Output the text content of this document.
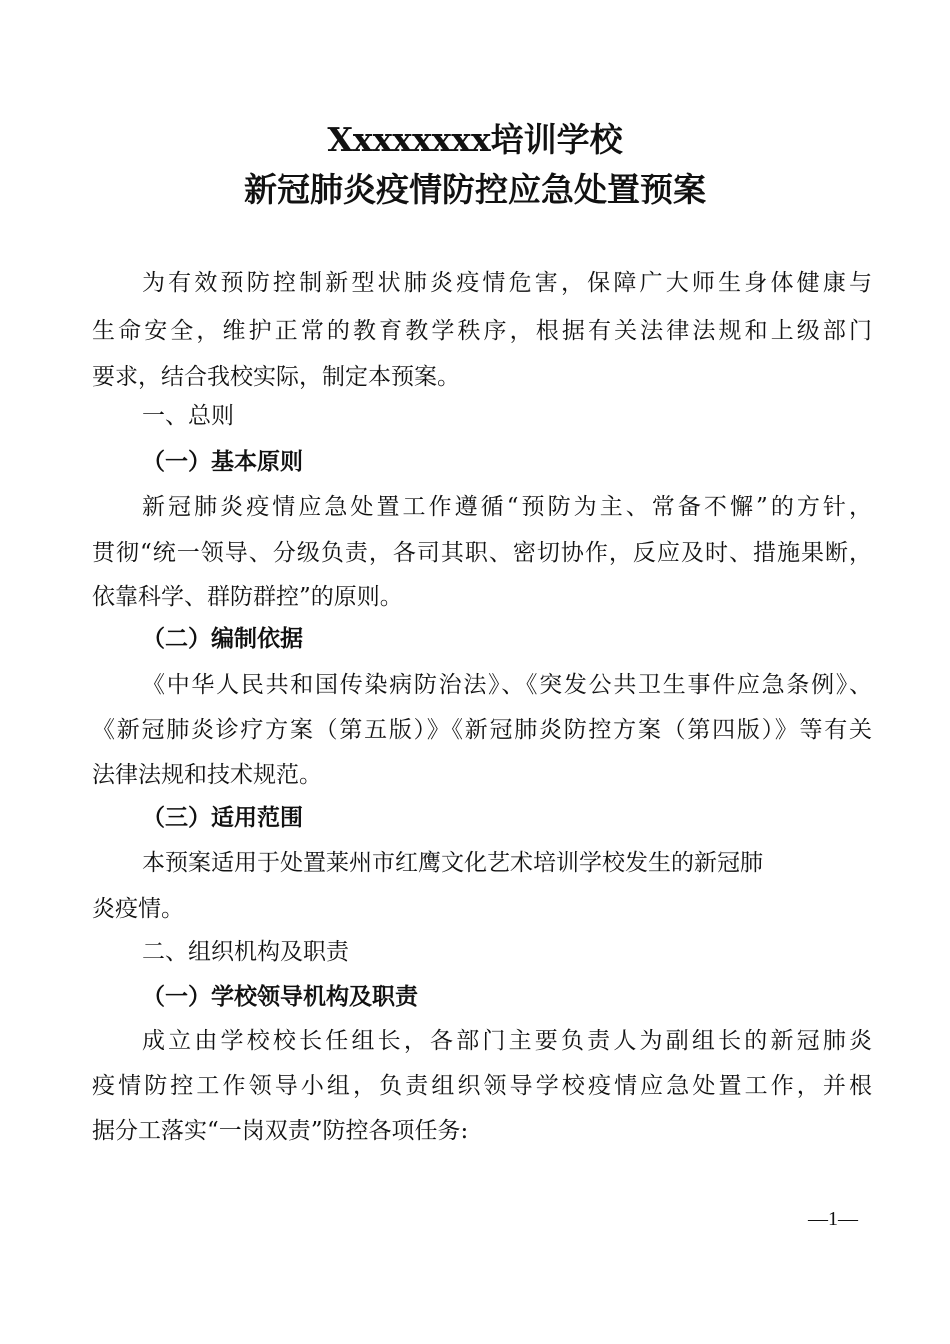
Xxxxxxxx培训学校
新冠肺炎疫情防控应急处置预案
为有效预防控制新型状肺炎疫情危害，保障广大师生身体健康与
生命安全，维护正常的教育教学秩序，根据有关法律法规和上级部门
要求，结合我校实际，制定本预案。
一、总则
（一）基本原则
新冠肺炎疫情应急处置工作遵循“预防为主、常备不懈”的方针，
贯彻“统一领导、分级负责，各司其职、密切协作，反应及时、措施果断，
依靠科学、群防群控”的原则。
（二）编制依据
《中华人民共和国传染病防治法》、《突发公共卫生事件应急条例》、
《新冠肺炎诊疗方案（第五版）》《新冠肺炎防控方案（第四版）》等有关
法律法规和技术规范。
（三）适用范围
本预案适用于处置莱州市红鹰文化艺术培训学校发生的新冠肺
炎疫情。
二、组织机构及职责
（一）学校领导机构及职责
成立由学校校长任组长，各部门主要负责人为副组长的新冠肺炎
疫情防控工作领导小组，负责组织领导学校疫情应急处置工作，并根
据分工落实“一岗双责”防控各项任务:
—1—
